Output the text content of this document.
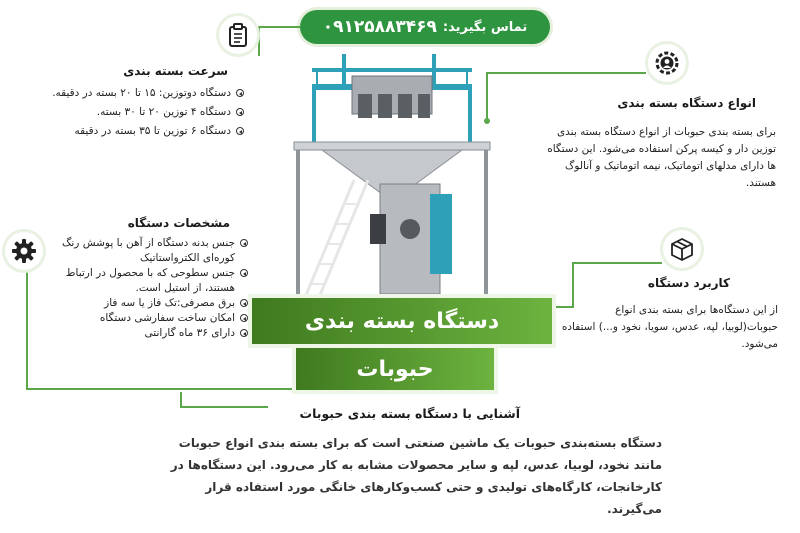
تماس بگیرید:
۰۹۱۲۵۸۸۳۴۶۹
سرعت بسته بندی
دستگاه دوتوزین: ۱۵ تا ۲۰ بسته در دقیقه.
دستگاه ۴ توزین ۲۰ تا ۳۰ بسته.
دستگاه ۶ توزین تا ۳۵ بسته در دقیقه
مشخصات دستگاه
جنس بدنه دستگاه از آهن با پوشش رنگ کوره‌ای الکترواستاتیک
جنس سطوحی که با محصول در ارتباط هستند، از استیل است.
برق مصرفی:تک فاز یا سه فاز
امکان ساخت سفارشی دستگاه
دارای ۳۶ ماه گارانتی
انواع دستگاه بسته بندی
برای بسته بندی حبوبات از انواع دستگاه بسته بندی توزین دار و کیسه پرکن استفاده می‌شود. این دستگاه ها دارای مدلهای اتوماتیک، نیمه اتوماتیک و آنالوگ هستند.
کاربرد دستگاه
از این دستگاه‌ها برای بسته بندی انواع حبوبات(لوبیا، لپه، عدس، سویا، نخود و...) استفاده می‌شود.
دستگاه بسته بندی
حبوبات
آشنایی با دستگاه بسته بندی حبوبات
دستگاه بسته‌بندی حبوبات یک ماشین صنعتی است که برای بسته بندی انواع حبوبات مانند نخود، لوبیا، عدس، لپه و سایر محصولات مشابه به کار می‌رود. این دستگاه‌ها در کارخانجات، کارگاه‌های تولیدی و حتی کسب‌وکارهای خانگی مورد استفاده قرار می‌گیرند.
